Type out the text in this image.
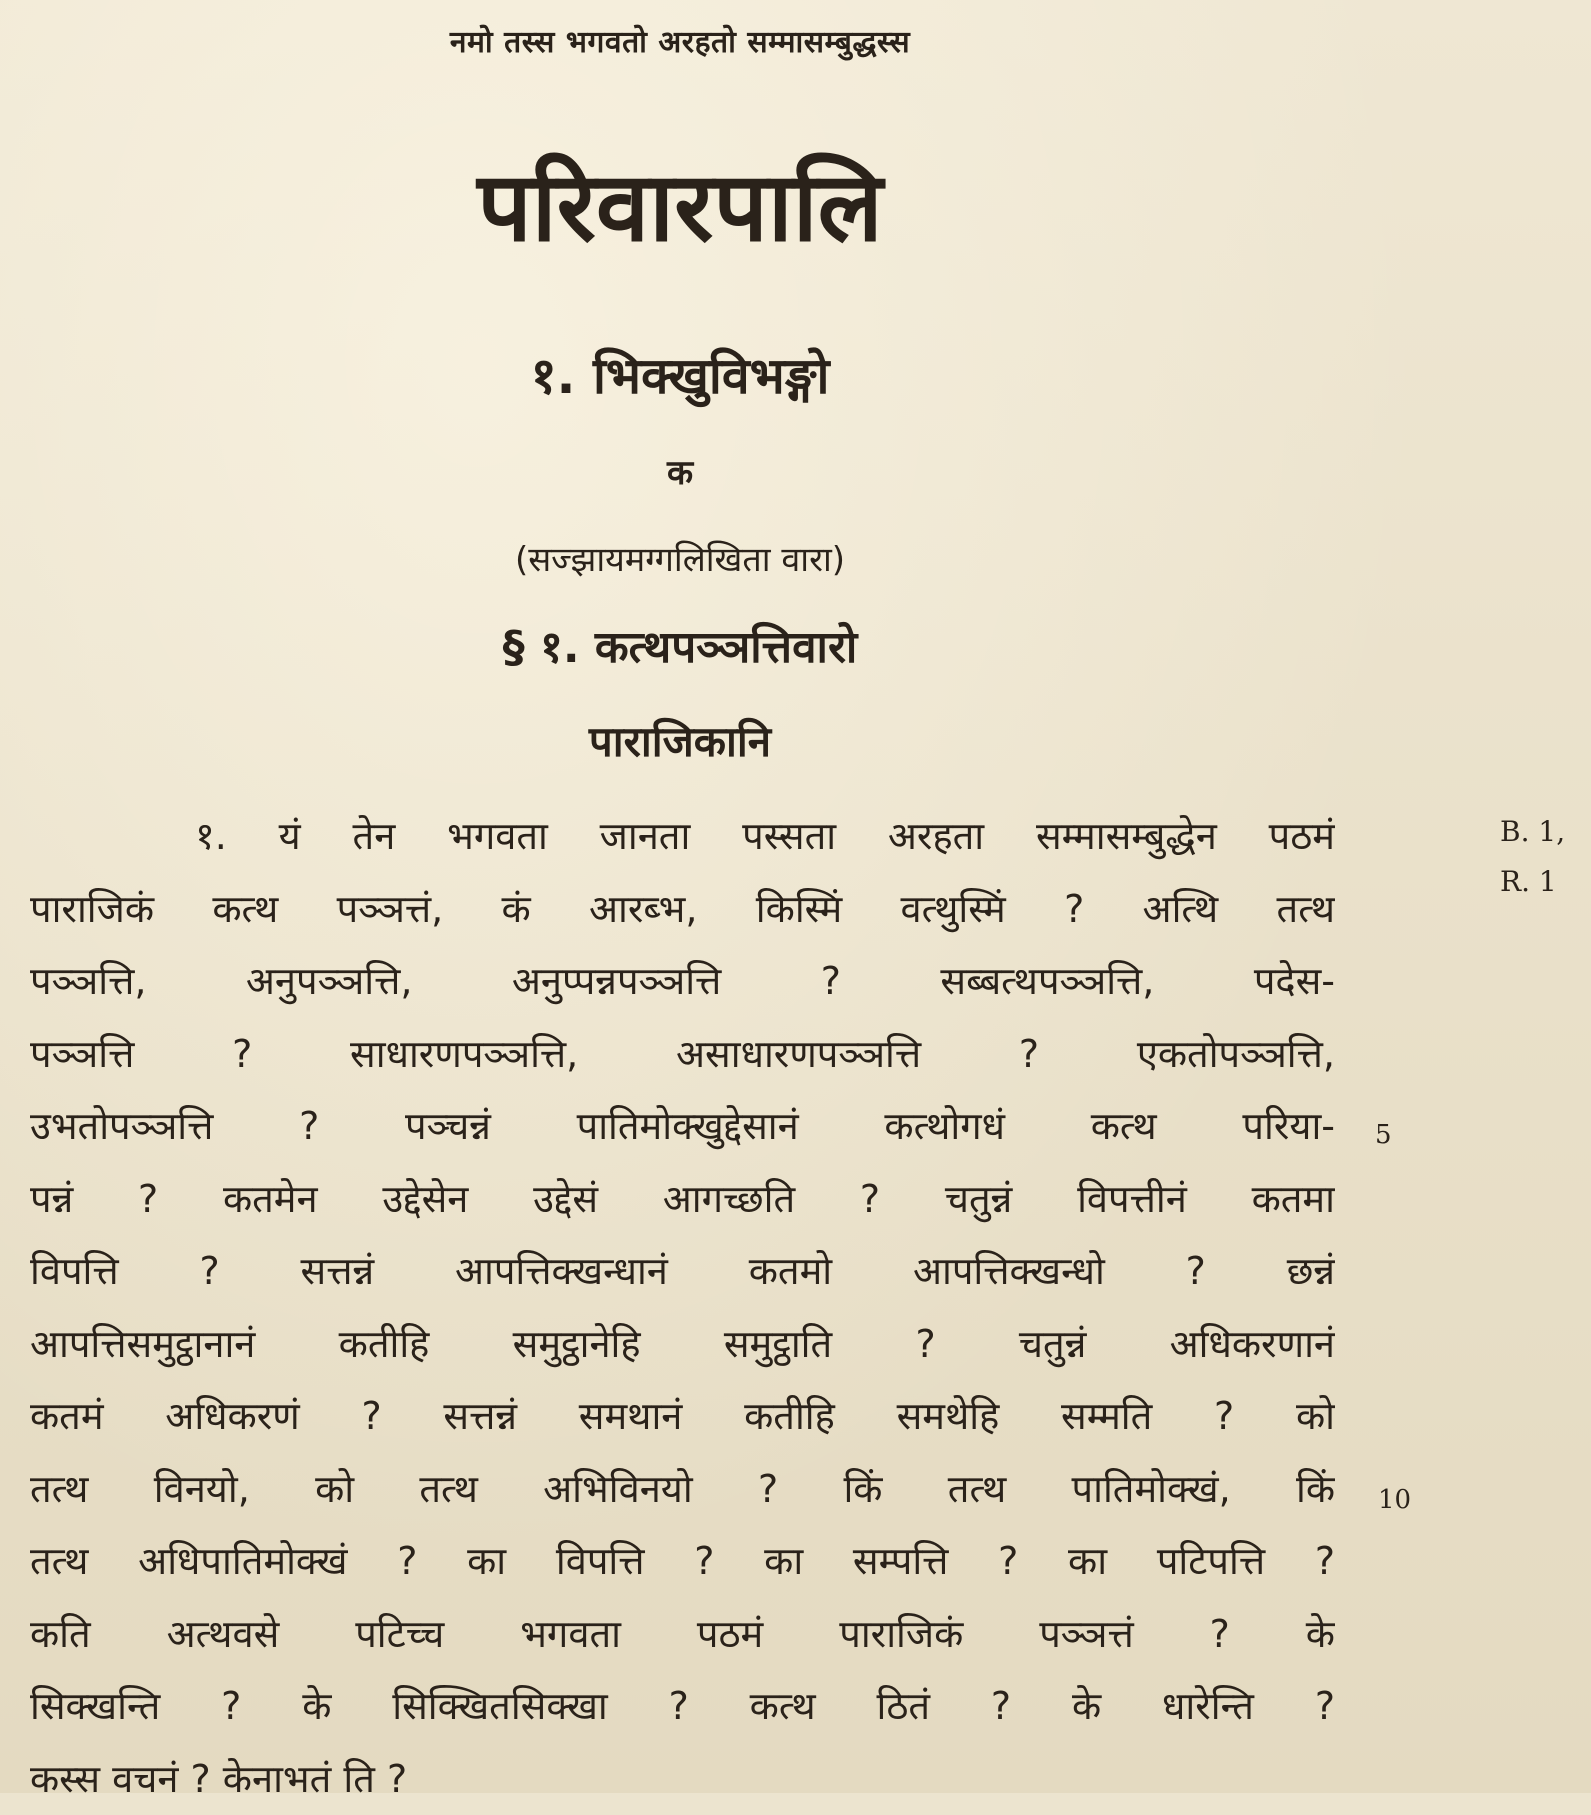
नमो तस्स भगवतो अरहतो सम्मासम्बुद्धस्स
परिवारपालि
१. भिक्खुविभङ्गो
क
(सज्झायमग्गलिखिता वारा)
§ १. कत्थपञ्ञत्तिवारो
पाराजिकानि
१. यं तेन भगवता जानता पस्सता अरहता सम्मासम्बुद्धेन पठमं
पाराजिकं कत्थ पञ्ञत्तं, कं आरब्भ, किस्मिं वत्थुस्मिं ? अत्थि तत्थ
पञ्ञत्ति, अनुपञ्ञत्ति, अनुप्पन्नपञ्ञत्ति ? सब्बत्थपञ्ञत्ति, पदेस-
पञ्ञत्ति ? साधारणपञ्ञत्ति, असाधारणपञ्ञत्ति ? एकतोपञ्ञत्ति,
उभतोपञ्ञत्ति ? पञ्चन्नं पातिमोक्खुद्देसानं कत्थोगधं कत्थ परिया-
पन्नं ? कतमेन उद्देसेन उद्देसं आगच्छति ? चतुन्नं विपत्तीनं कतमा
विपत्ति ? सत्तन्नं आपत्तिक्खन्धानं कतमो आपत्तिक्खन्धो ? छन्नं
आपत्तिसमुट्ठानानं कतीहि समुट्ठानेहि समुट्ठाति ? चतुन्नं अधिकरणानं
कतमं अधिकरणं ? सत्तन्नं समथानं कतीहि समथेहि सम्मति ? को
तत्थ विनयो, को तत्थ अभिविनयो ? किं तत्थ पातिमोक्खं, किं
तत्थ अधिपातिमोक्खं ? का विपत्ति ? का सम्पत्ति ? का पटिपत्ति ?
कति अत्थवसे पटिच्च भगवता पठमं पाराजिकं पञ्ञत्तं ? के
सिक्खन्ति ? के सिक्खितसिक्खा ? कत्थ ठितं ? के धारेन्ति ?
कस्स वचनं ? केनाभतं ति ?
B. 1,
R. 1
5
10
